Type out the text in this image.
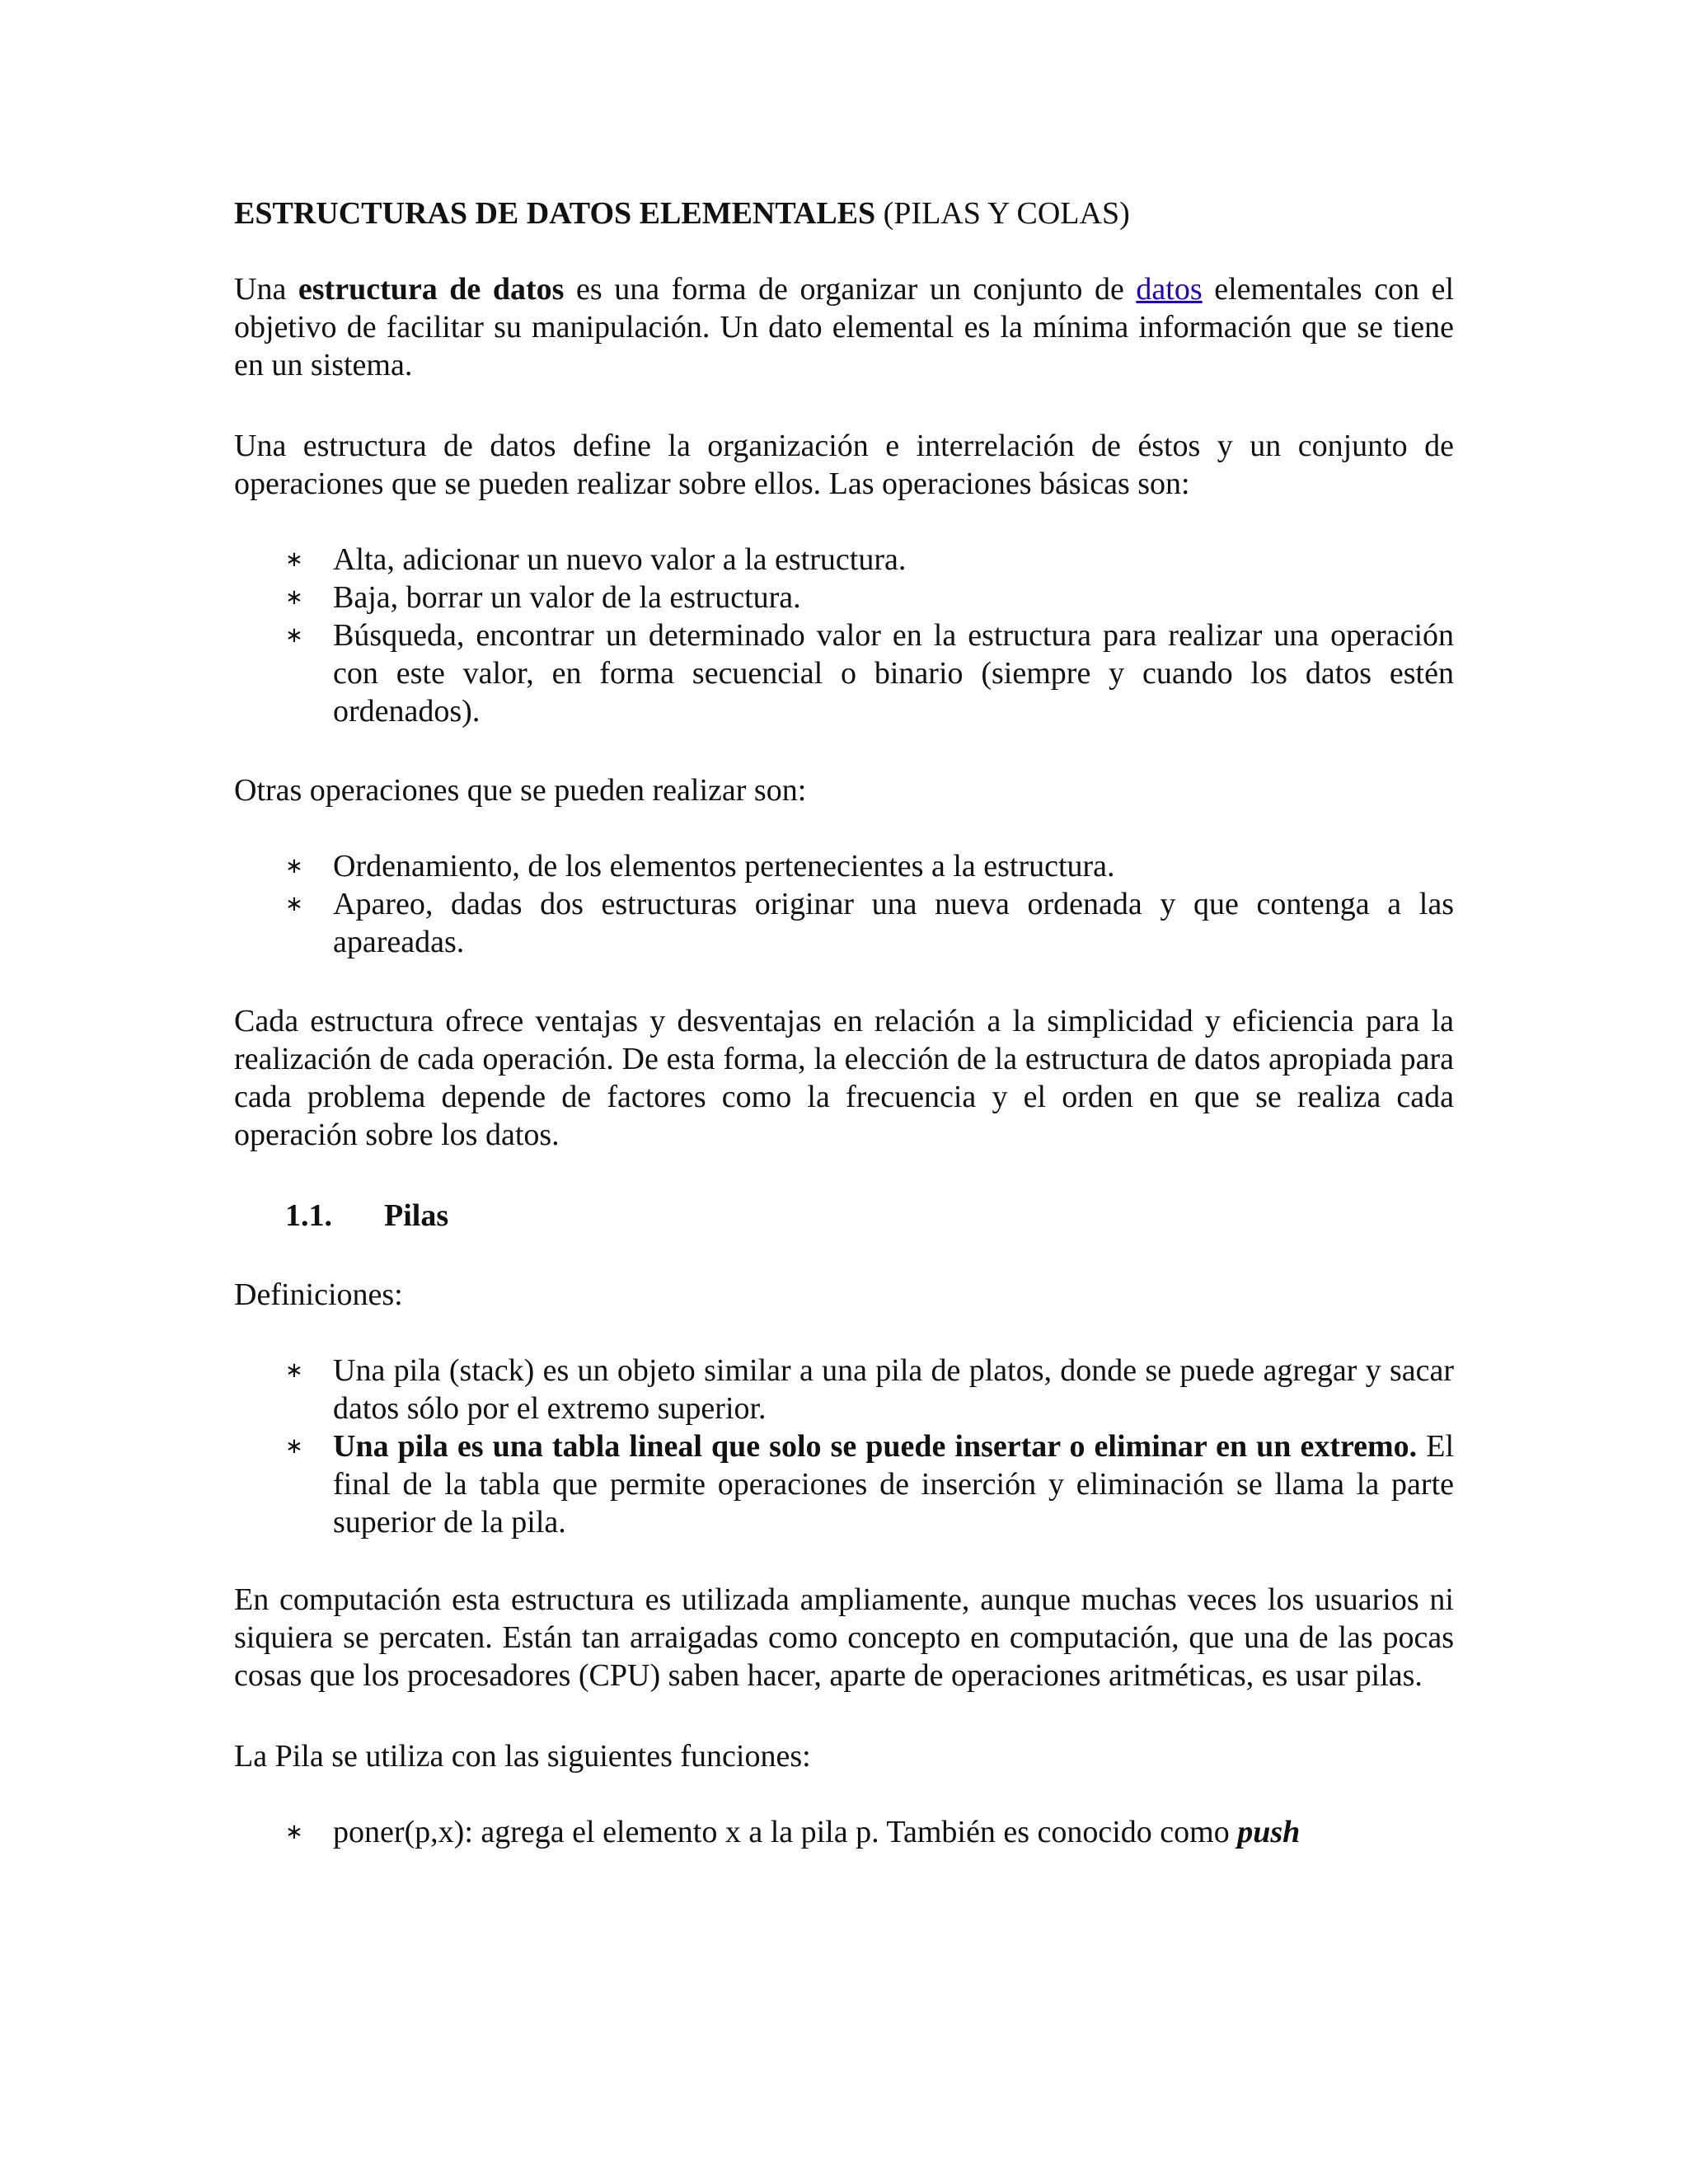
ESTRUCTURAS DE DATOS ELEMENTALES (PILAS Y COLAS)

Una estructura de datos es una forma de organizar un conjunto de datos elementales con el objetivo de facilitar su manipulación. Un dato elemental es la mínima información que se tiene en un sistema.

Una estructura de datos define la organización e interrelación de éstos y un conjunto de operaciones que se pueden realizar sobre ellos. Las operaciones básicas son:

∗ Alta, adicionar un nuevo valor a la estructura.
∗ Baja, borrar un valor de la estructura.
∗ Búsqueda, encontrar un determinado valor en la estructura para realizar una operación con este valor, en forma secuencial o binario (siempre y cuando los datos estén ordenados).

Otras operaciones que se pueden realizar son:

∗ Ordenamiento, de los elementos pertenecientes a la estructura.
∗ Apareo, dadas dos estructuras originar una nueva ordenada y que contenga a las apareadas.

Cada estructura ofrece ventajas y desventajas en relación a la simplicidad y eficiencia para la realización de cada operación. De esta forma, la elección de la estructura de datos apropiada para cada problema depende de factores como la frecuencia y el orden en que se realiza cada operación sobre los datos.

1.1. Pilas

Definiciones:

∗ Una pila (stack) es un objeto similar a una pila de platos, donde se puede agregar y sacar datos sólo por el extremo superior.
∗ Una pila es una tabla lineal que solo se puede insertar o eliminar en un extremo. El final de la tabla que permite operaciones de inserción y eliminación se llama la parte superior de la pila.

En computación esta estructura es utilizada ampliamente, aunque muchas veces los usuarios ni siquiera se percaten. Están tan arraigadas como concepto en computación, que una de las pocas cosas que los procesadores (CPU) saben hacer, aparte de operaciones aritméticas, es usar pilas.

La Pila se utiliza con las siguientes funciones:

∗ poner(p,x): agrega el elemento x a la pila p. También es conocido como push
